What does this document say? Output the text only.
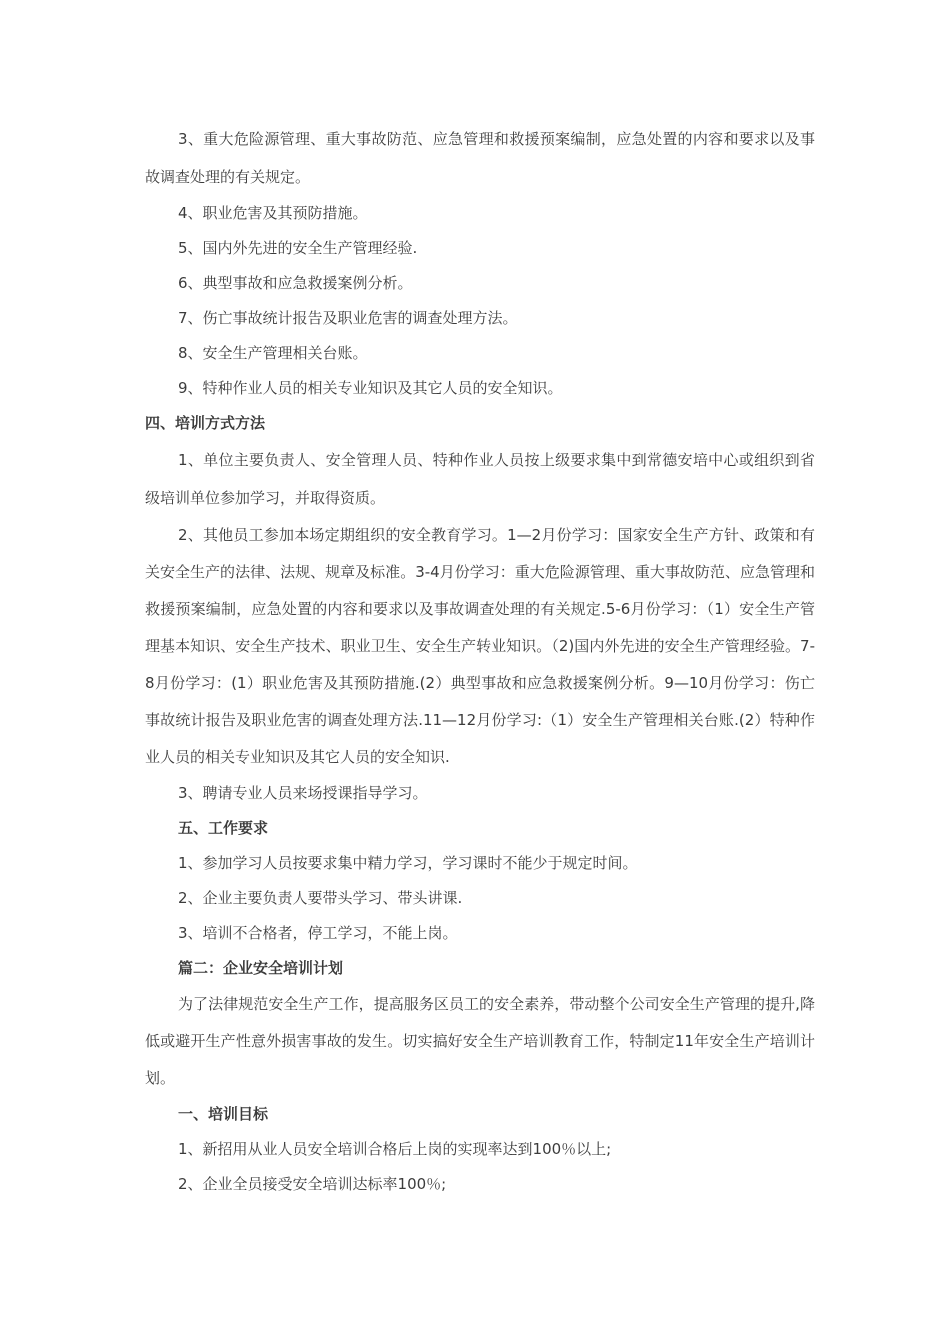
3、重大危险源管理、重大事故防范、应急管理和救援预案编制，应急处置的内容和要求以及事故调查处理的有关规定。

4、职业危害及其预防措施。

5、国内外先进的安全生产管理经验.

6、典型事故和应急救援案例分析。

7、伤亡事故统计报告及职业危害的调查处理方法。

8、安全生产管理相关台账。

9、特种作业人员的相关专业知识及其它人员的安全知识。

四、培训方式方法

1、单位主要负责人、安全管理人员、特种作业人员按上级要求集中到常德安培中心或组织到省级培训单位参加学习，并取得资质。

2、其他员工参加本场定期组织的安全教育学习。1—2月份学习：国家安全生产方针、政策和有关安全生产的法律、法规、规章及标准。3-4月份学习：重大危险源管理、重大事故防范、应急管理和救援预案编制，应急处置的内容和要求以及事故调查处理的有关规定.5-6月份学习：（1）安全生产管理基本知识、安全生产技术、职业卫生、安全生产转业知识。（2)国内外先进的安全生产管理经验。7-8月份学习：(1）职业危害及其预防措施.(2）典型事故和应急救援案例分析。9—10月份学习：伤亡事故统计报告及职业危害的调查处理方法.11—12月份学习:（1）安全生产管理相关台账.(2）特种作业人员的相关专业知识及其它人员的安全知识.

3、聘请专业人员来场授课指导学习。

五、工作要求

1、参加学习人员按要求集中精力学习，学习课时不能少于规定时间。

2、企业主要负责人要带头学习、带头讲课.

3、培训不合格者，停工学习，不能上岗。

篇二：企业安全培训计划

为了法律规范安全生产工作，提高服务区员工的安全素养，带动整个公司安全生产管理的提升,降低或避开生产性意外损害事故的发生。切实搞好安全生产培训教育工作，特制定11年安全生产培训计划。

一、培训目标

1、新招用从业人员安全培训合格后上岗的实现率达到100％以上;

2、企业全员接受安全培训达标率100％;
